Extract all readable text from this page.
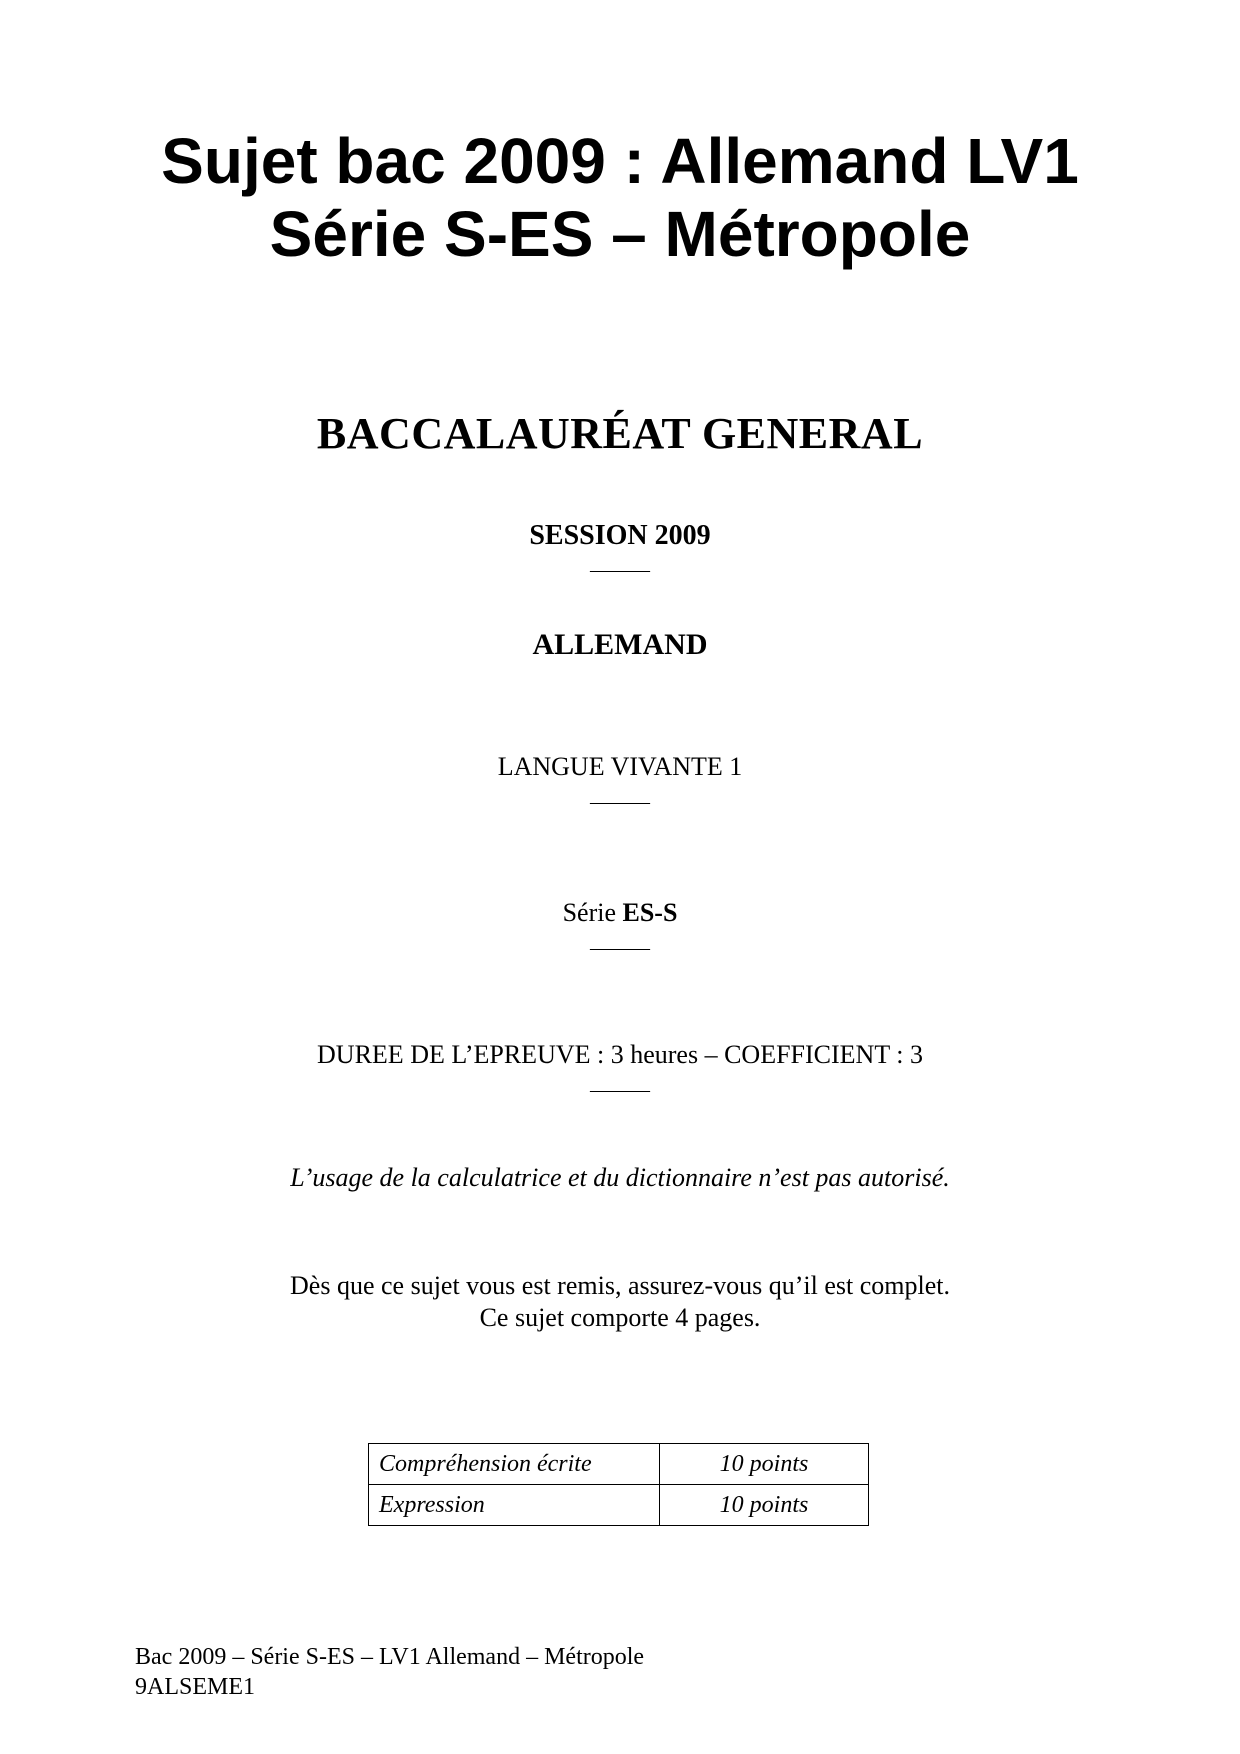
Sujet bac 2009 : Allemand LV1
Série S-ES – Métropole
BACCALAURÉAT GENERAL
SESSION 2009
———
ALLEMAND
LANGUE VIVANTE 1
———
Série ES-S
———
DUREE DE L’EPREUVE : 3 heures – COEFFICIENT : 3
———
L’usage de la calculatrice et du dictionnaire n’est pas autorisé.
Dès que ce sujet vous est remis, assurez-vous qu’il est complet.
Ce sujet comporte 4 pages.
Compréhension écrite	10 points
Expression	10 points
Bac 2009 – Série S-ES – LV1 Allemand – Métropole
9ALSEME1
